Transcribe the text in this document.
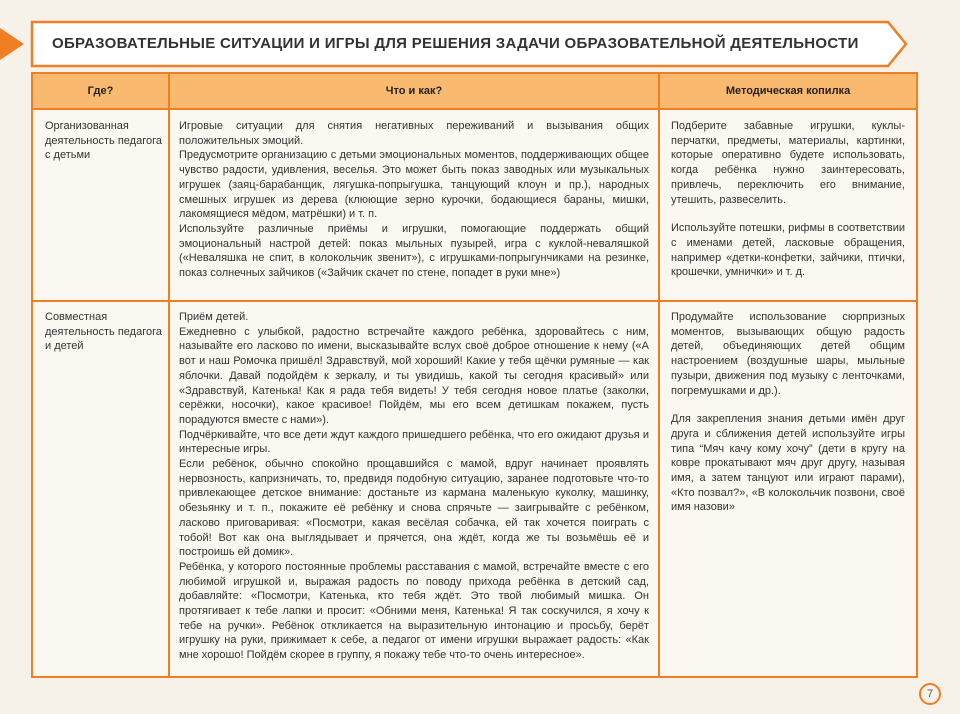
ОБРАЗОВАТЕЛЬНЫЕ СИТУАЦИИ И ИГРЫ ДЛЯ РЕШЕНИЯ ЗАДАЧИ ОБРАЗОВАТЕЛЬНОЙ ДЕЯТЕЛЬНОСТИ
Где?	Что и как?	Методическая копилка

Организованная деятельность педагога с детьми

Игровые ситуации для снятия негативных переживаний и вызывания общих положительных эмоций.

Предусмотрите организацию с детьми эмоциональных моментов, поддерживающих общее чувство радости, удивления, веселья. Это может быть показ заводных или музыкальных игрушек (заяц-барабанщик, лягушка-попрыгушка, танцующий клоун и пр.), народных смешных игрушек из дерева (клюющие зерно курочки, бодающиеся бараны, мишки, лакомящиеся мёдом, матрёшки) и т. п.

Используйте различные приёмы и игрушки, помогающие поддержать общий эмоциональный настрой детей: показ мыльных пузырей, игра с куклой-неваляшкой («Неваляшка не спит, в колокольчик звенит»), с игрушками-попрыгунчиками на резинке, показ солнечных зайчиков («Зайчик скачет по стене, попадет в руки мне»)

Подберите забавные игрушки, куклы-перчатки, предметы, материалы, картинки, которые оперативно будете использовать, когда ребёнка нужно заинтересовать, привлечь, переключить его внимание, утешить, развеселить.

Используйте потешки, рифмы в соответствии с именами детей, ласковые обращения, например «детки-конфетки, зайчики, птички, крошечки, умнички» и т. д.

Совместная деятельность педагога и детей

Приём детей.

Ежедневно с улыбкой, радостно встречайте каждого ребёнка, здоровайтесь с ним, называйте его ласково по имени, высказывайте вслух своё доброе отношение к нему («А вот и наш Ромочка пришёл! Здравствуй, мой хороший! Какие у тебя щёчки румяные — как яблочки. Давай подойдём к зеркалу, и ты увидишь, какой ты сегодня красивый» или «Здравствуй, Катенька! Как я рада тебя видеть! У тебя сегодня новое платье (заколки, серёжки, носочки), какое красивое! Пойдём, мы его всем детишкам покажем, пусть порадуются вместе с нами»).

Подчёркивайте, что все дети ждут каждого пришедшего ребёнка, что его ожидают друзья и интересные игры.

Если ребёнок, обычно спокойно прощавшийся с мамой, вдруг начинает проявлять нервозность, капризничать, то, предвидя подобную ситуацию, заранее подготовьте что-то привлекающее детское внимание: достаньте из кармана маленькую куколку, машинку, обезьянку и т. п., покажите её ребёнку и снова спрячьте — заигрывайте с ребёнком, ласково приговаривая: «Посмотри, какая весёлая собачка, ей так хочется поиграть с тобой! Вот как она выглядывает и прячется, она ждёт, когда же ты возьмёшь её и построишь ей домик».

Ребёнка, у которого постоянные проблемы расставания с мамой, встречайте вместе с его любимой игрушкой и, выражая радость по поводу прихода ребёнка в детский сад, добавляйте: «Посмотри, Катенька, кто тебя ждёт. Это твой любимый мишка. Он протягивает к тебе лапки и просит: «Обними меня, Катенька! Я так соскучился, я хочу к тебе на ручки». Ребёнок откликается на выразительную интонацию и просьбу, берёт игрушку на руки, прижимает к себе, а педагог от имени игрушки выражает радость: «Как мне хорошо! Пойдём скорее в группу, я покажу тебе что-то очень интересное».

Продумайте использование сюрпризных моментов, вызывающих общую радость детей, объединяющих детей общим настроением (воздушные шары, мыльные пузыри, движения под музыку с ленточками, погремушками и др.).

Для закрепления знания детьми имён друг друга и сближения детей используйте игры типа “Мяч качу кому хочу” (дети в кругу на ковре прокатывают мяч друг другу, называя имя, а затем танцуют или играют парами), «Кто позвал?», «В колокольчик позвони, своё имя назови»

7
